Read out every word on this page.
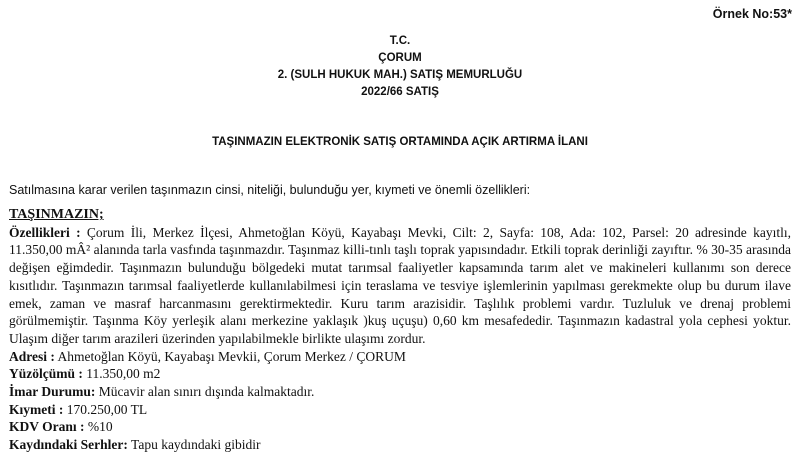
Örnek No:53*
T.C.
ÇORUM
2. (SULH HUKUK MAH.) SATIŞ MEMURLUĞU
2022/66 SATIŞ
TAŞINMAZIN ELEKTRONİK SATIŞ ORTAMINDA AÇIK ARTIRMA İLANI
Satılmasına karar verilen taşınmazın cinsi, niteliği, bulunduğu yer, kıymeti ve önemli özellikleri:
TAŞINMAZIN;
Özellikleri : Çorum İli, Merkez İlçesi, Ahmetoğlan Köyü, Kayabaşı Mevki, Cilt: 2, Sayfa: 108, Ada: 102, Parsel: 20 adresinde kayıtlı, 11.350,00 mÂ² alanında tarla vasfında taşınmazdır. Taşınmaz killi-tınlı taşlı toprak yapısındadır. Etkili toprak derinliği zayıftır. % 30-35 arasında değişen eğimdedir. Taşınmazın bulunduğu bölgedeki mutat tarımsal faaliyetler kapsamında tarım alet ve makineleri kullanımı son derece kısıtlıdır. Taşınmazın tarımsal faaliyetlerde kullanılabilmesi için teraslama ve tesviye işlemlerinin yapılması gerekmekte olup bu durum ilave emek, zaman ve masraf harcanmasını gerektirmektedir. Kuru tarım arazisidir. Taşlılık problemi vardır. Tuzluluk ve drenaj problemi görülmemiştir. Taşınma Köy yerleşik alanı merkezine yaklaşık )kuş uçuşu) 0,60 km mesafededir. Taşınmazın kadastral yola cephesi yoktur. Ulaşım diğer tarım arazileri üzerinden yapılabilmekle birlikte ulaşımı zordur.
Adresi : Ahmetoğlan Köyü, Kayabaşı Mevkii, Çorum Merkez / ÇORUM
Yüzölçümü : 11.350,00 m2
İmar Durumu: Mücavir alan sınırı dışında kalmaktadır.
Kıymeti : 170.250,00 TL
KDV Oranı : %10
Kaydındaki Serhler: Tapu kaydındaki gibidir
